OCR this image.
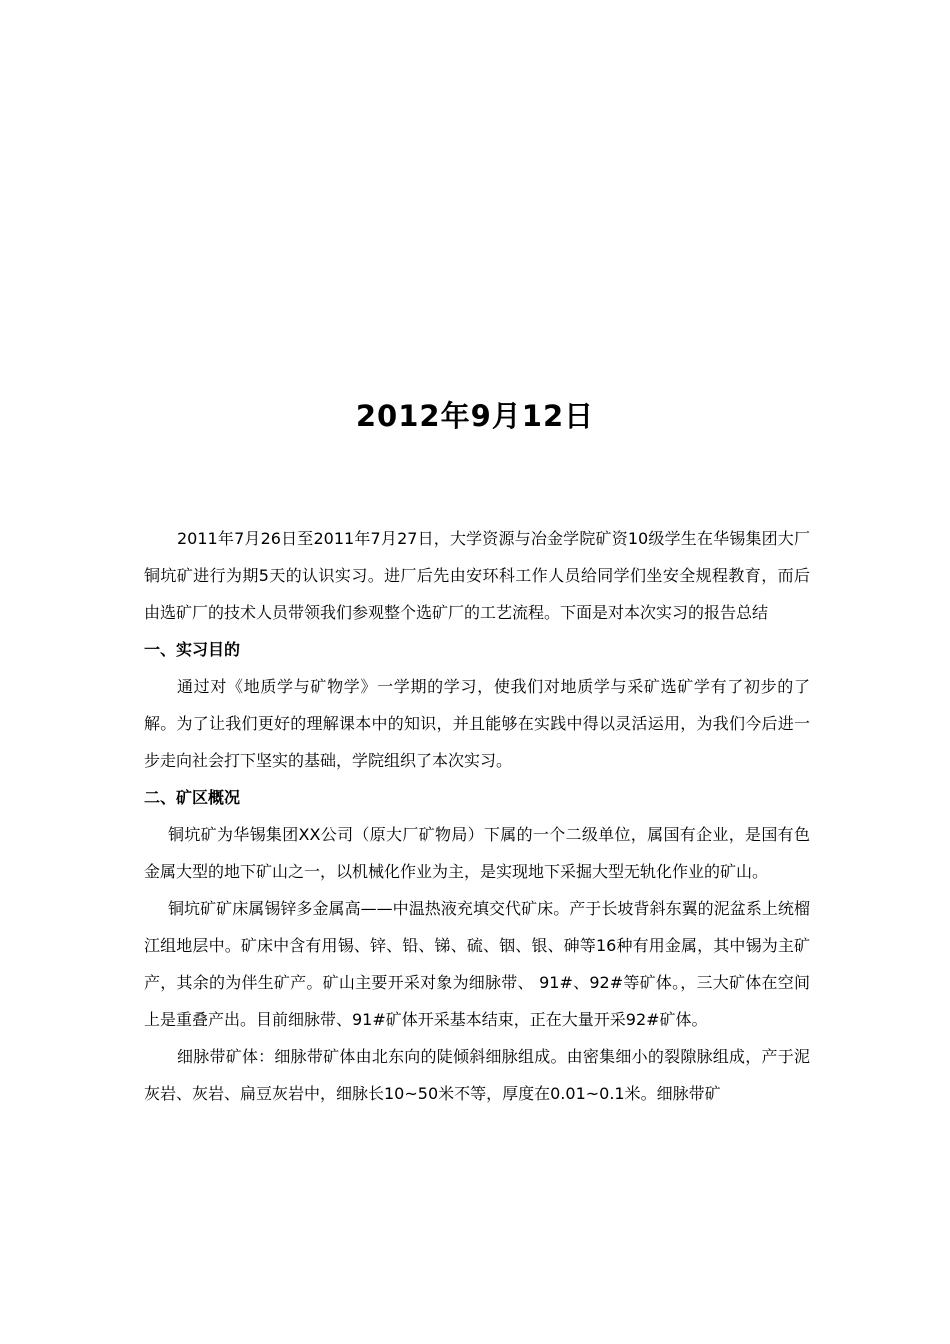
2012年9月12日

2011年7月26日至2011年7月27日，大学资源与冶金学院矿资10级学生在华锡集团大厂铜坑矿进行为期5天的认识实习。进厂后先由安环科工作人员给同学们坐安全规程教育，而后由选矿厂的技术人员带领我们参观整个选矿厂的工艺流程。下面是对本次实习的报告总结

一、实习目的

通过对《地质学与矿物学》一学期的学习，使我们对地质学与采矿选矿学有了初步的了解。为了让我们更好的理解课本中的知识，并且能够在实践中得以灵活运用，为我们今后进一步走向社会打下坚实的基础，学院组织了本次实习。

二、矿区概况

铜坑矿为华锡集团XX公司（原大厂矿物局）下属的一个二级单位，属国有企业，是国有色金属大型的地下矿山之一，以机械化作业为主，是实现地下采掘大型无轨化作业的矿山。

铜坑矿矿床属锡锌多金属高——中温热液充填交代矿床。产于长坡背斜东翼的泥盆系上统榴江组地层中。矿床中含有用锡、锌、铅、锑、硫、铟、银、砷等16种有用金属，其中锡为主矿产，其余的为伴生矿产。矿山主要开采对象为细脉带、 91#、92#等矿体。，三大矿体在空间上是重叠产出。目前细脉带、91#矿体开采基本结束，正在大量开采92#矿体。

细脉带矿体：细脉带矿体由北东向的陡倾斜细脉组成。由密集细小的裂隙脉组成，产于泥灰岩、灰岩、扁豆灰岩中，细脉长10~50米不等，厚度在0.01~0.1米。细脉带矿
